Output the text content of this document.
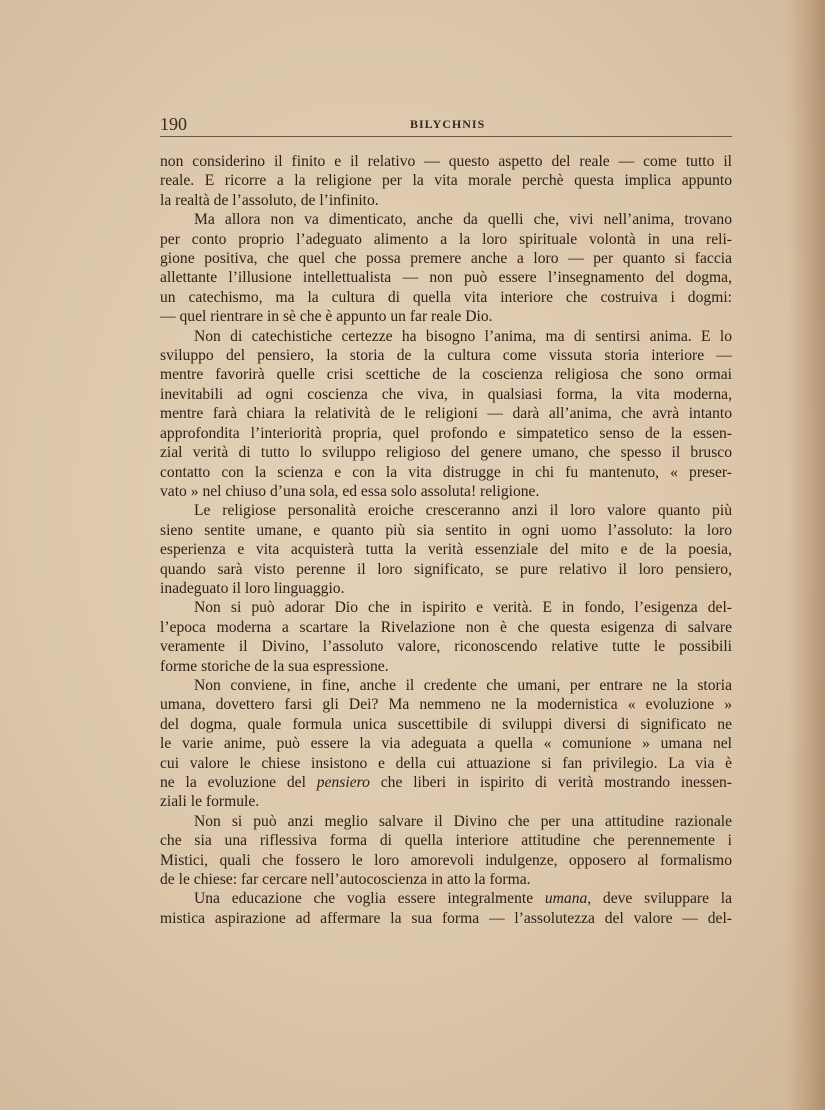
190	BILYCHNIS
non considerino il finito e il relativo — questo aspetto del reale — come tutto il
reale. E ricorre a la religione per la vita morale perchè questa implica appunto
la realtà de l’assoluto, de l’infinito.
Ma allora non va dimenticato, anche da quelli che, vivi nell’anima, trovano
per conto proprio l’adeguato alimento a la loro spirituale volontà in una reli-
gione positiva, che quel che possa premere anche a loro — per quanto si faccia
allettante l’illusione intellettualista — non può essere l’insegnamento del dogma,
un catechismo, ma la cultura di quella vita interiore che costruiva i dogmi:
— quel rientrare in sè che è appunto un far reale Dio.
Non di catechistiche certezze ha bisogno l’anima, ma di sentirsi anima. E lo
sviluppo del pensiero, la storia de la cultura come vissuta storia interiore —
mentre favorirà quelle crisi scettiche de la coscienza religiosa che sono ormai
inevitabili ad ogni coscienza che viva, in qualsiasi forma, la vita moderna,
mentre farà chiara la relatività de le religioni — darà all’anima, che avrà intanto
approfondita l’interiorità propria, quel profondo e simpatetico senso de la essen-
zial verità di tutto lo sviluppo religioso del genere umano, che spesso il brusco
contatto con la scienza e con la vita distrugge in chi fu mantenuto, « preser-
vato » nel chiuso d’una sola, ed essa solo assoluta! religione.
Le religiose personalità eroiche cresceranno anzi il loro valore quanto più
sieno sentite umane, e quanto più sia sentito in ogni uomo l’assoluto: la loro
esperienza e vita acquisterà tutta la verità essenziale del mito e de la poesia,
quando sarà visto perenne il loro significato, se pure relativo il loro pensiero,
inadeguato il loro linguaggio.
Non si può adorar Dio che in ispirito e verità. E in fondo, l’esigenza del-
l’epoca moderna a scartare la Rivelazione non è che questa esigenza di salvare
veramente il Divino, l’assoluto valore, riconoscendo relative tutte le possibili
forme storiche de la sua espressione.
Non conviene, in fine, anche il credente che umani, per entrare ne la storia
umana, dovettero farsi gli Dei? Ma nemmeno ne la modernistica « evoluzione »
del dogma, quale formula unica suscettibile di sviluppi diversi di significato ne
le varie anime, può essere la via adeguata a quella « comunione » umana nel
cui valore le chiese insistono e della cui attuazione si fan privilegio. La via è
ne la evoluzione del pensiero che liberi in ispirito di verità mostrando inessen-
ziali le formule.
Non si può anzi meglio salvare il Divino che per una attitudine razionale
che sia una riflessiva forma di quella interiore attitudine che perennemente i
Mistici, quali che fossero le loro amorevoli indulgenze, opposero al formalismo
de le chiese: far cercare nell’autocoscienza in atto la forma.
Una educazione che voglia essere integralmente umana, deve sviluppare la
mistica aspirazione ad affermare la sua forma — l’assolutezza del valore — del-
